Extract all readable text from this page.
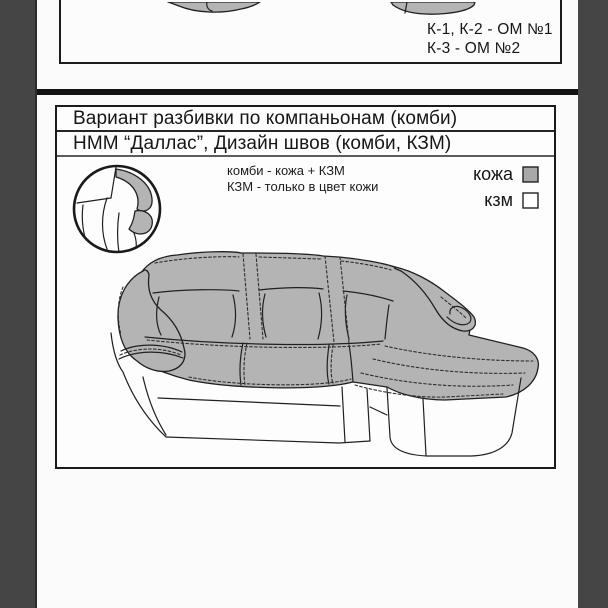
К-1, К-2 - ОМ №1
К-3 - ОМ №2
Вариант разбивки по компаньонам (комби)
НММ “Даллас”, Дизайн швов (комби, КЗМ)
комби - кожа + КЗМ
КЗМ - только в цвет кожи
кожа
кзм
